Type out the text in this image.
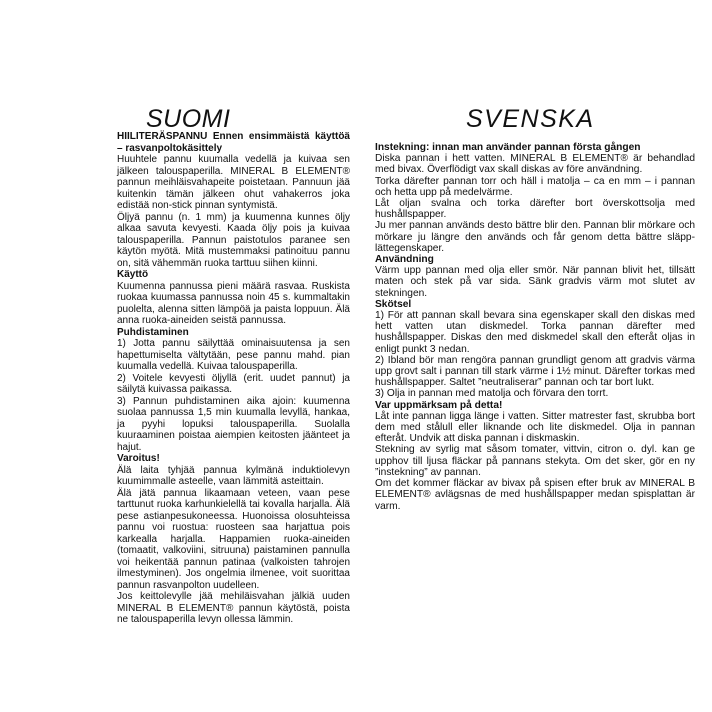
SUOMI	SVENSKA
HIILITERÄSPANNU Ennen ensimmäistä käyttöä – rasvanpoltokäsittely
Huuhtele pannu kuumalla vedellä ja kuivaa sen jälkeen talouspaperilla. MINERAL B ELEMENT® pannun meihläisvahapeite poistetaan. Pannuun jää kuitenkin tämän jälkeen ohut vahakerros joka edistää non-stick pinnan syntymistä.
Öljyä pannu (n. 1 mm) ja kuumenna kunnes öljy alkaa savuta kevyesti. Kaada öljy pois ja kuivaa talouspaperilla. Pannun paistotulos paranee sen käytön myötä. Mitä mustemmaksi patinoituu pannu on, sitä vähemmän ruoka tarttuu siihen kiinni.
Käyttö
Kuumenna pannussa pieni määrä rasvaa. Ruskista ruokaa kuumassa pannussa noin 45 s. kummaltakin puolelta, alenna sitten lämpöä ja paista loppuun. Älä anna ruoka-aineiden seistä pannussa.
Puhdistaminen
1) Jotta pannu säilyttää ominaisuutensa ja sen hapettumiselta vältytään, pese pannu mahd. pian kuumalla vedellä. Kuivaa talouspaperilla.
2) Voitele kevyesti öljyllä (erit. uudet pannut) ja säilytä kuivassa paikassa.
3) Pannun puhdistaminen aika ajoin: kuumenna suolaa pannussa 1,5 min kuumalla levyllä, hankaa, ja pyyhi lopuksi talouspaperilla. Suolalla kuuraaminen poistaa aiempien keitosten jäänteet ja hajut.
Varoitus!
Älä laita tyhjää pannua kylmänä induktiolevyn kuumimmalle asteelle, vaan lämmitä asteittain.
Älä jätä pannua likaamaan veteen, vaan pese tarttunut ruoka karhunkielellä tai kovalla harjalla. Älä pese astianpesukoneessa. Huonoissa olosuhteissa pannu voi ruostua: ruosteen saa harjattua pois karkealla harjalla. Happamien ruoka-aineiden (tomaatit, valkoviini, sitruuna) paistaminen pannulla voi heikentää pannun patinaa (valkoisten tahrojen ilmestyminen). Jos ongelmia ilmenee, voit suorittaa pannun rasvanpolton uudelleen.
Jos keittolevylle jää mehiläisvahan jälkiä uuden MINERAL B ELEMENT® pannun käytöstä, poista ne talouspaperilla levyn ollessa lämmin.
Instekning: innan man använder pannan första gången
Diska pannan i hett vatten. MINERAL B ELEMENT® är behandlad med bivax. Överflödigt vax skall diskas av före användning.
Torka därefter pannan torr och häll i matolja – ca en mm – i pannan och hetta upp på medelvärme.
Låt oljan svalna och torka därefter bort överskottsolja med hushållspapper.
Ju mer pannan används desto bättre blir den. Pannan blir mörkare och mörkare ju längre den används och får genom detta bättre släpp-lättegenskaper.
Användning
Värm upp pannan med olja eller smör. När pannan blivit het, tillsätt maten och stek på var sida. Sänk gradvis värm mot slutet av stekningen.
Skötsel
1) För att pannan skall bevara sina egenskaper skall den diskas med hett vatten utan diskmedel. Torka pannan därefter med hushållspapper. Diskas den med diskmedel skall den efteråt oljas in enligt punkt 3 nedan.
2) Ibland bör man rengöra pannan grundligt genom att gradvis värma upp grovt salt i pannan till stark värme i 1½ minut. Därefter torkas med hushållspapper. Saltet ”neutraliserar” pannan och tar bort lukt.
3) Olja in pannan med matolja och förvara den torrt.
Var uppmärksam på detta!
Låt inte pannan ligga länge i vatten. Sitter matrester fast, skrubba bort dem med stålull eller liknande och lite diskmedel. Olja in pannan efteråt. Undvik att diska pannan i diskmaskin.
Stekning av syrlig mat såsom tomater, vittvin, citron o. dyl. kan ge upphov till ljusa fläckar på pannans stekyta. Om det sker, gör en ny ”instekning” av pannan.
Om det kommer fläckar av bivax på spisen efter bruk av MINERAL B ELEMENT® avlägsnas de med hushållspapper medan spisplattan är varm.
